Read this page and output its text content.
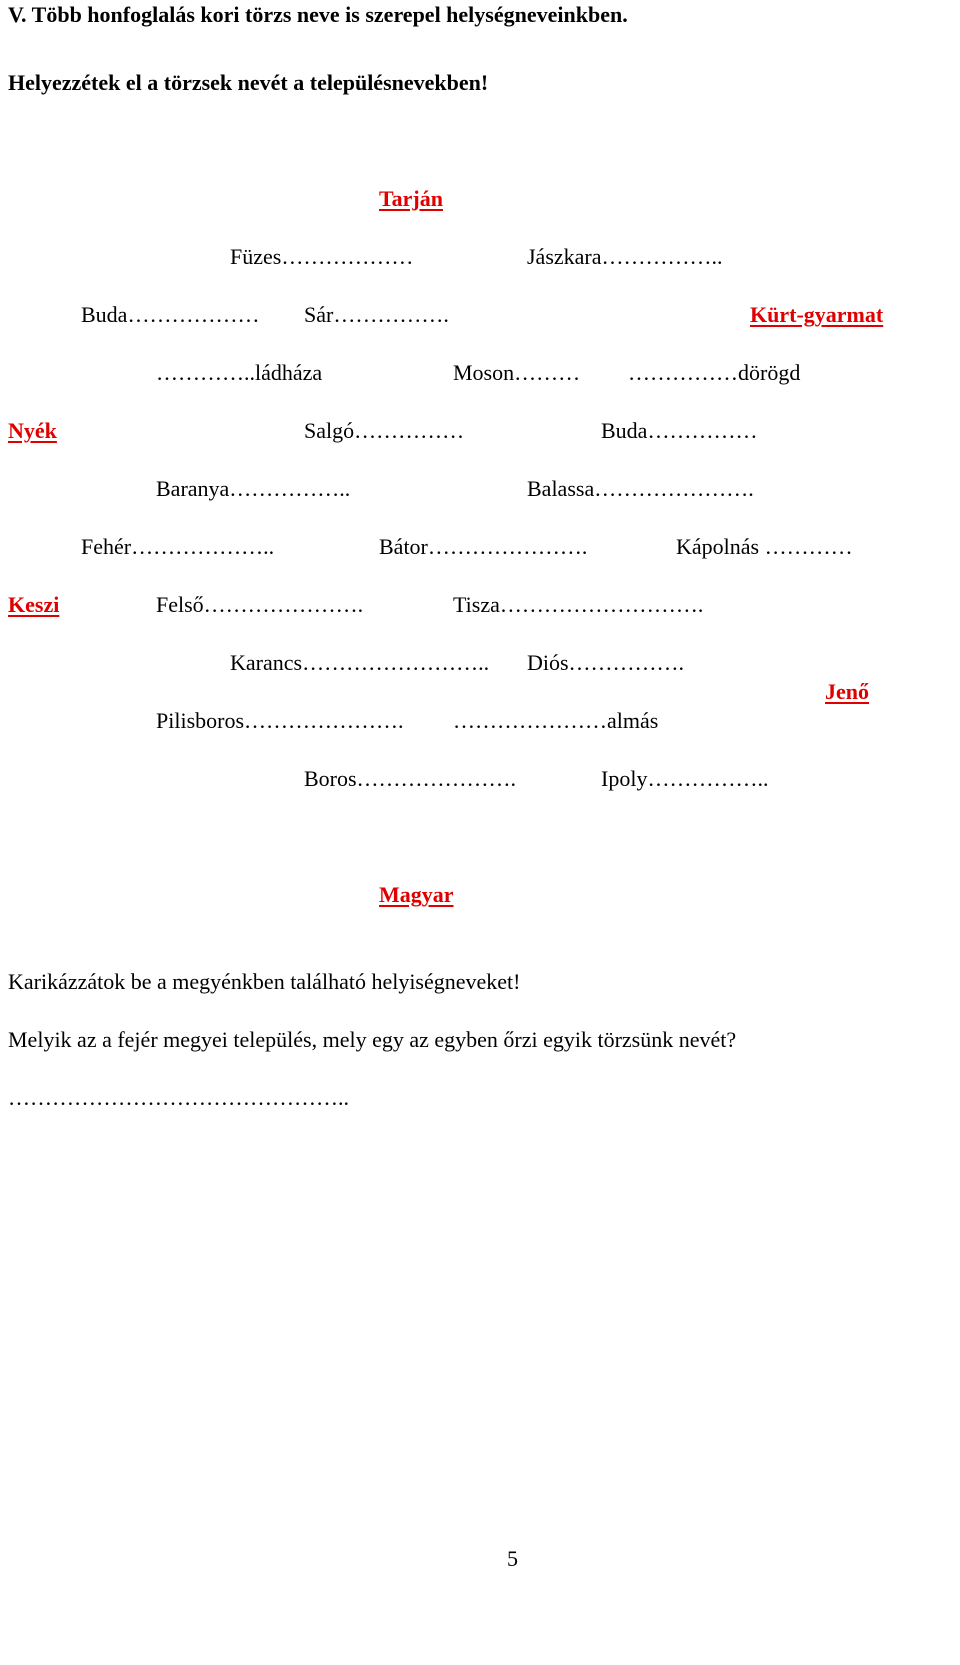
V. Több honfoglalás kori törzs neve is szerepel helységneveinkben.
Helyezzétek el a törzsek nevét a településnevekben!
Tarján
Füzes………………	Jászkara……………..
Buda……………… Sár…………….	Kürt-gyarmat
…………..ládháza	Moson……… ……………dörögd
Nyék	Salgó……………	Buda……………
Baranya……………..	Balassa………………….
Fehér………………..	Bátor………………….	Kápolnás …………
Keszi	Felső………………….	Tisza……………………….
Karancs…………………….. Diós…………….
Jenő
Pilisboros…………………. …………………almás
Boros………………….	Ipoly……………..
Magyar
Karikázzátok be a megyénkben található helyiségneveket!
Melyik az a fejér megyei település, mely egy az egyben őrzi egyik törzsünk nevét?
………………………………………..
5
